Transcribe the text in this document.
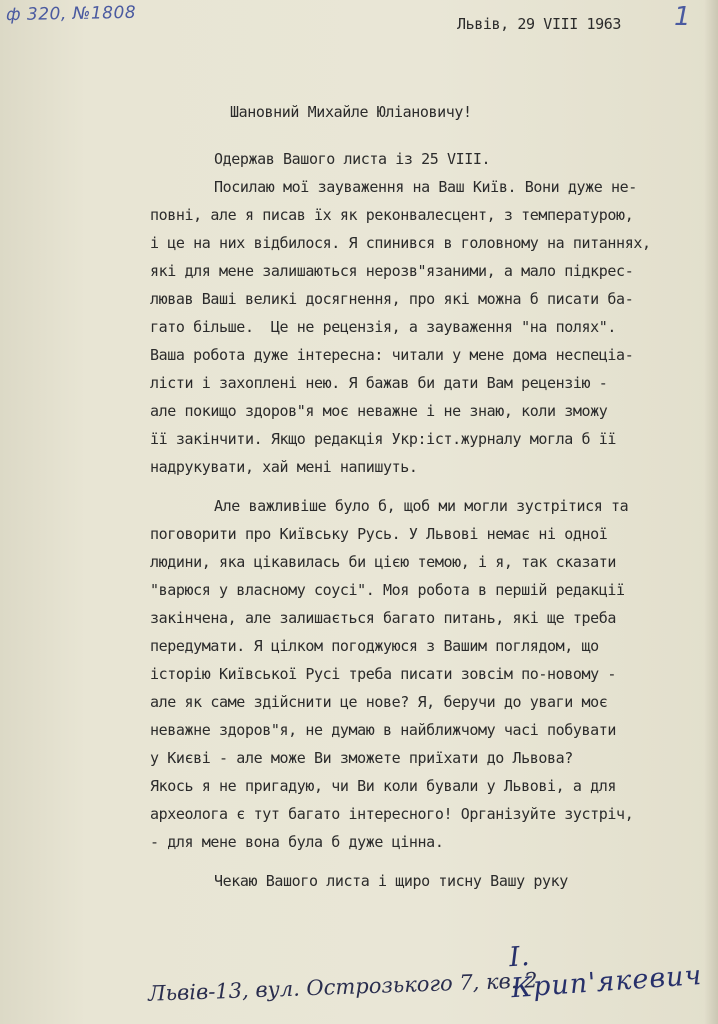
ф 320, №1808	1
Львів, 29 VIII 1963
Шановний Михайле Юліановичу!
Одержав Вашого листа із 25 VIII.
Посилаю мої зауваження на Ваш Київ. Вони дуже не-
повні, але я писав їх як реконвалесцент, з температурою,
і це на них відбилося. Я спинився в головному на питаннях,
які для мене залишаються нерозв"язаними, а мало підкрес-
лював Ваші великі досягнення, про які можна б писати ба-
гато більше.  Це не рецензія, а зауваження "на полях".
Ваша робота дуже інтересна: читали у мене дома неспеціа-
лісти і захоплені нею. Я бажав би дати Вам рецензію -
але покищо здоров"я моє неважне і не знаю, коли зможу
її закінчити. Якщо редакція Укр:іст.журналу могла б її
надрукувати, хай мені напишуть.
Але важливіше було б, щоб ми могли зустрітися та
поговорити про Київську Русь. У Львові немає ні одної
людини, яка цікавилась би цією темою, і я, так сказати
"варюся у власному соусі". Моя робота в першій редакції
закінчена, але залишається багато питань, які ще треба
передумати. Я цілком погоджуюся з Вашим поглядом, що
історію Київської Русі треба писати зовсім по-новому -
але як саме здійснити це нове? Я, беручи до уваги моє
неважне здоров"я, не думаю в найближчому часі побувати
у Києві - але може Ви зможете приїхати до Львова?
Якось я не пригадую, чи Ви коли бували у Львові, а для
археолога є тут багато інтересного! Організуйте зустріч,
- для мене вона була б дуже цінна.
Чекаю Вашого листа і щиро тисну Вашу руку
І. Крип'якевич
Львів-13, вул. Острозького 7, кв. 2
